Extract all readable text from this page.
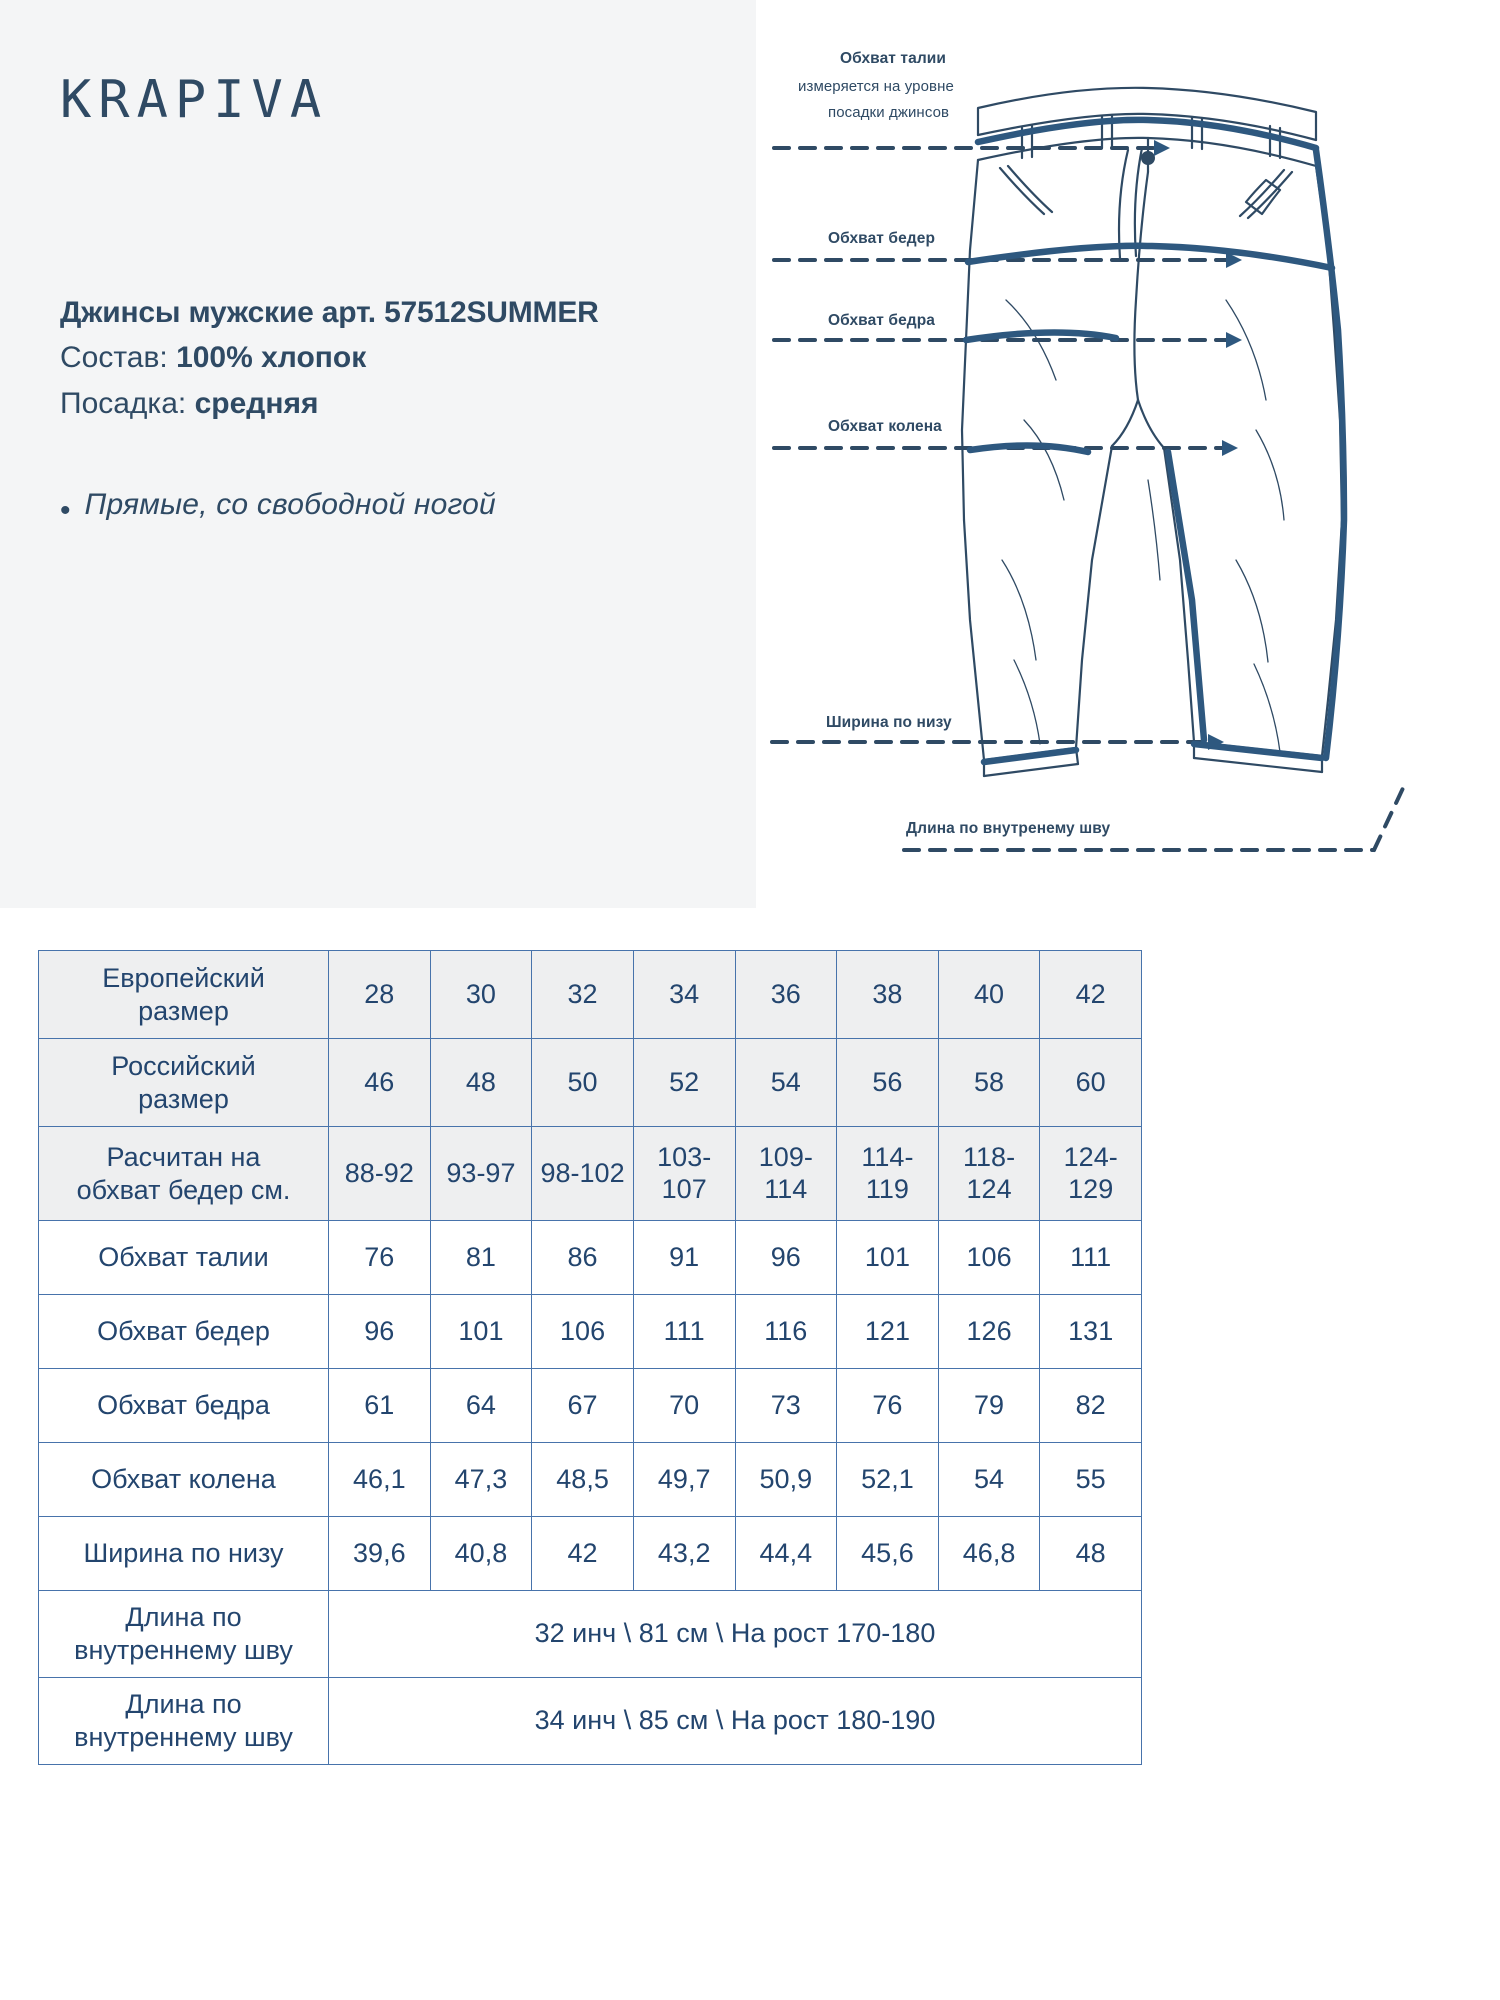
KRAPIVA
Джинсы мужские арт. 57512SUMMER
Состав: 100% хлопок
Посадка: средняя
• Прямые, со свободной ногой
Обхват талии
измеряется на уровне
посадки джинсов
Обхват бедер
Обхват бедра
Обхват колена
Ширина по низу
Длина по внутренему шву
Европейский
размер	28	30	32	34	36	38	40	42
Российский
размер	46	48	50	52	54	56	58	60
Расчитан на
обхват бедер см.	88-92	93-97	98-102	103-107	109-114	114-119	118-124	124-129
Обхват талии	76	81	86	91	96	101	106	111
Обхват бедер	96	101	106	111	116	121	126	131
Обхват бедра	61	64	67	70	73	76	79	82
Обхват колена	46,1	47,3	48,5	49,7	50,9	52,1	54	55
Ширина по низу	39,6	40,8	42	43,2	44,4	45,6	46,8	48
Длина по
внутреннему шву	32 инч \ 81 см \ На рост 170-180							
Длина по
внутреннему шву	34 инч \ 85 см \ На рост 180-190							
